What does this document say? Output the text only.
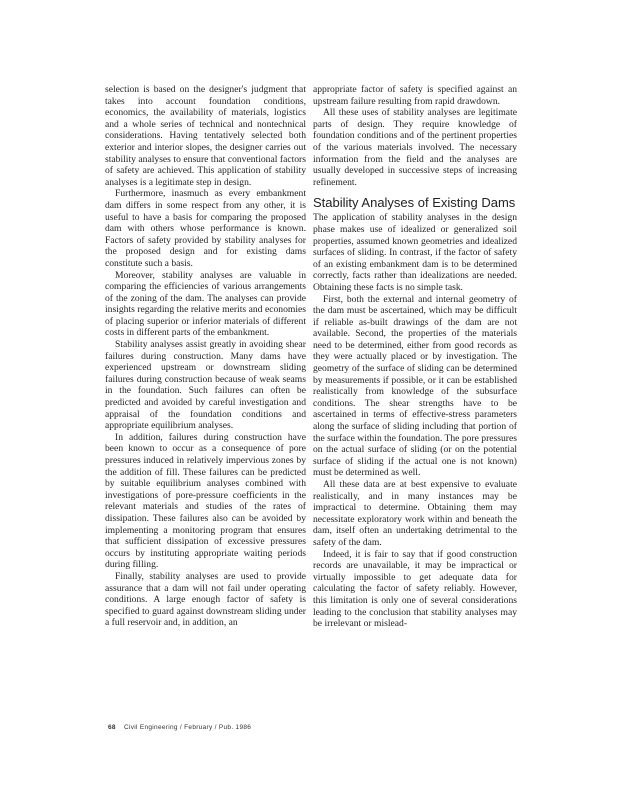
selection is based on the designer's judgment that takes into account foundation conditions, economics, the availability of materials, logistics and a whole series of technical and nontechnical considerations. Having tentatively selected both exterior and interior slopes, the designer carries out stability analyses to ensure that conventional factors of safety are achieved. This application of stability analyses is a legitimate step in design.

Furthermore, inasmuch as every embankment dam differs in some respect from any other, it is useful to have a basis for comparing the proposed dam with others whose performance is known. Factors of safety provided by stability analyses for the proposed design and for existing dams constitute such a basis.

Moreover, stability analyses are valuable in comparing the efficiencies of various arrangements of the zoning of the dam. The analyses can provide insights regarding the relative merits and economies of placing superior or inferior materials of different costs in different parts of the embankment.

Stability analyses assist greatly in avoiding shear failures during construction. Many dams have experienced upstream or downstream sliding failures during construction because of weak seams in the foundation. Such failures can often be predicted and avoided by careful investigation and appraisal of the foundation conditions and appropriate equilibrium analyses.

In addition, failures during construction have been known to occur as a consequence of pore pressures induced in relatively impervious zones by the addition of fill. These failures can be predicted by suitable equilibrium analyses combined with investigations of pore-pressure coefficients in the relevant materials and studies of the rates of dissipation. These failures also can be avoided by implementing a monitoring program that ensures that sufficient dissipation of excessive pressures occurs by instituting appropriate waiting periods during filling.

Finally, stability analyses are used to provide assurance that a dam will not fail under operating conditions. A large enough factor of safety is specified to guard against downstream sliding under a full reservoir and, in addition, an

appropriate factor of safety is specified against an upstream failure resulting from rapid drawdown.

All these uses of stability analyses are legitimate parts of design. They require knowledge of foundation conditions and of the pertinent properties of the various materials involved. The necessary information from the field and the analyses are usually developed in successive steps of increasing refinement.

Stability Analyses of Existing Dams

The application of stability analyses in the design phase makes use of idealized or generalized soil properties, assumed known geometries and idealized surfaces of sliding. In contrast, if the factor of safety of an existing embankment dam is to be determined correctly, facts rather than idealizations are needed. Obtaining these facts is no simple task.

First, both the external and internal geometry of the dam must be ascertained, which may be difficult if reliable as-built drawings of the dam are not available. Second, the properties of the materials need to be determined, either from good records as they were actually placed or by investigation. The geometry of the surface of sliding can be determined by measurements if possible, or it can be established realistically from knowledge of the subsurface conditions. The shear strengths have to be ascertained in terms of effective-stress parameters along the surface of sliding including that portion of the surface within the foundation. The pore pressures on the actual surface of sliding (or on the potential surface of sliding if the actual one is not known) must be determined as well.

All these data are at best expensive to evaluate realistically, and in many instances may be impractical to determine. Obtaining them may necessitate exploratory work within and beneath the dam, itself often an undertaking detrimental to the safety of the dam.

Indeed, it is fair to say that if good construction records are unavailable, it may be impractical or virtually impossible to get adequate data for calculating the factor of safety reliably. However, this limitation is only one of several considerations leading to the conclusion that stability analyses may be irrelevant or mislead-

68 Civil Engineering / February / Pub. 1986
